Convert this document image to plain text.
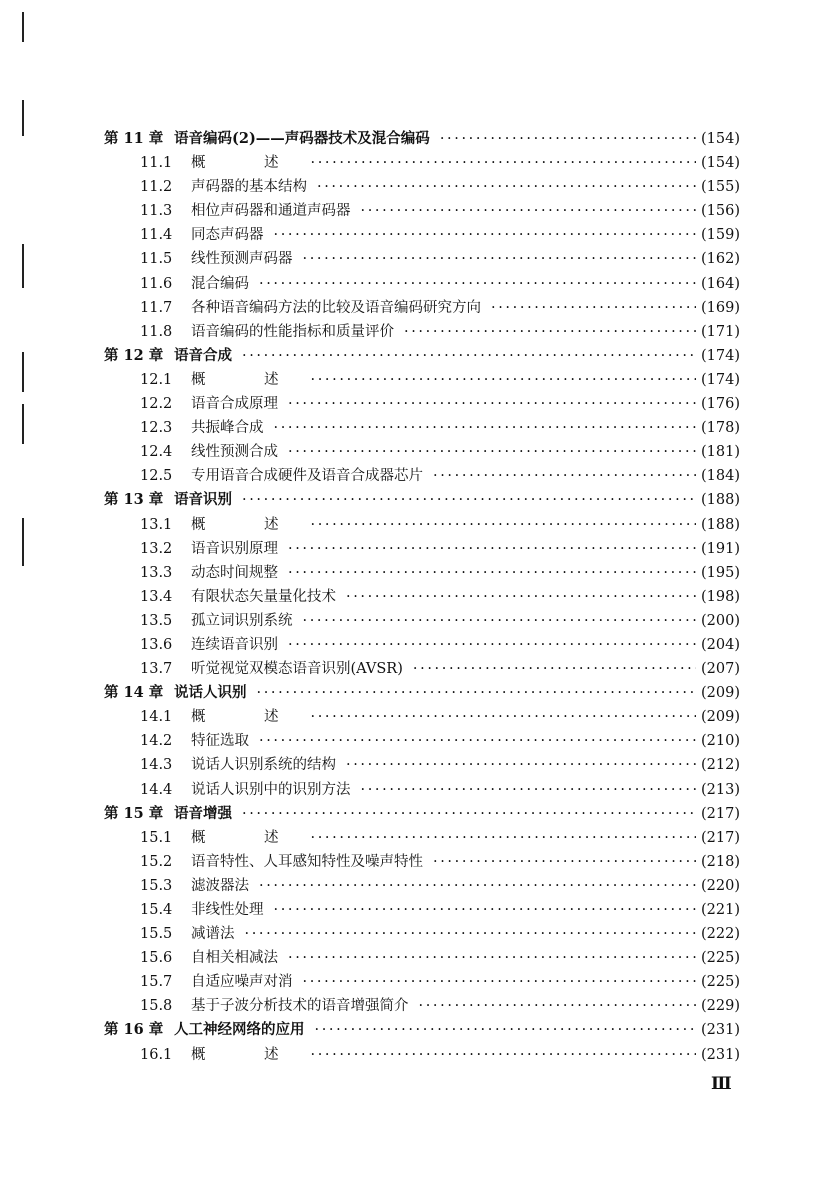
第 11 章 语音编码(2)——声码器技术及混合编码 · · ·	(154)
11.1 概　述 · · ·	(154)
11.2 声码器的基本结构 · · ·	(155)
11.3 相位声码器和通道声码器 · · ·	(156)
11.4 同态声码器 · · ·	(159)
11.5 线性预测声码器 · · ·	(162)
11.6 混合编码 · · ·	(164)
11.7 各种语音编码方法的比较及语音编码研究方向 · · ·	(169)
11.8 语音编码的性能指标和质量评价 · · ·	(171)
第 12 章 语音合成 · · ·	(174)
12.1 概　述 · · ·	(174)
12.2 语音合成原理 · · ·	(176)
12.3 共振峰合成 · · ·	(178)
12.4 线性预测合成 · · ·	(181)
12.5 专用语音合成硬件及语音合成器芯片 · · ·	(184)
第 13 章 语音识别 · · ·	(188)
13.1 概　述 · · ·	(188)
13.2 语音识别原理 · · ·	(191)
13.3 动态时间规整 · · ·	(195)
13.4 有限状态矢量量化技术 · · ·	(198)
13.5 孤立词识别系统 · · ·	(200)
13.6 连续语音识别 · · ·	(204)
13.7 听觉视觉双模态语音识别(AVSR) · · ·	(207)
第 14 章 说话人识别 · · ·	(209)
14.1 概　述 · · ·	(209)
14.2 特征选取 · · ·	(210)
14.3 说话人识别系统的结构 · · ·	(212)
14.4 说话人识别中的识别方法 · · ·	(213)
第 15 章 语音增强 · · ·	(217)
15.1 概　述 · · ·	(217)
15.2 语音特性、人耳感知特性及噪声特性 · · ·	(218)
15.3 滤波器法 · · ·	(220)
15.4 非线性处理 · · ·	(221)
15.5 减谱法 · · ·	(222)
15.6 自相关相减法 · · ·	(225)
15.7 自适应噪声对消 · · ·	(225)
15.8 基于子波分析技术的语音增强简介 · · ·	(229)
第 16 章 人工神经网络的应用 · · ·	(231)
16.1 概　述 · · ·	(231)
Ⅲ
